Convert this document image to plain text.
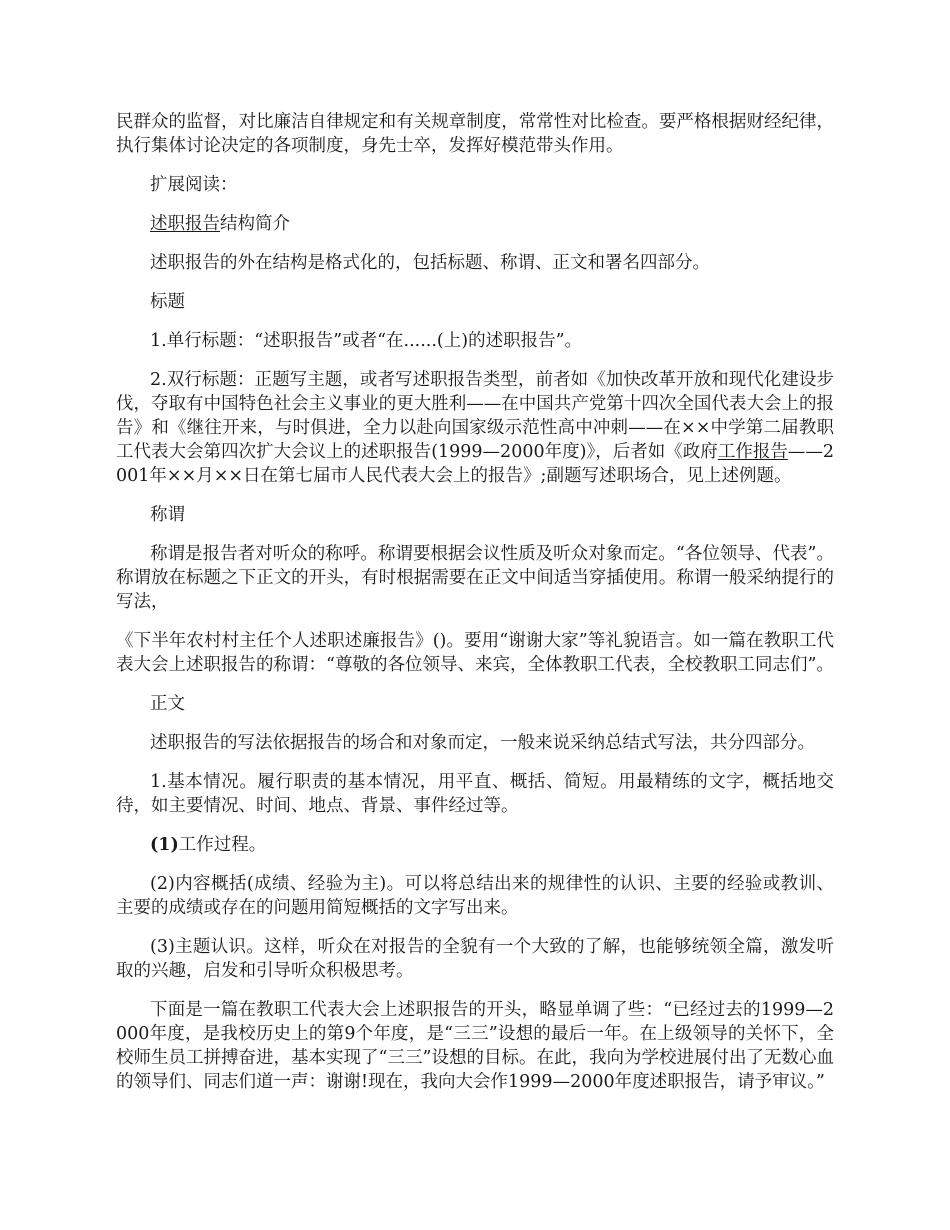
民群众的监督，对比廉洁自律规定和有关规章制度，常常性对比检查。要严格根据财经纪律，执行集体讨论决定的各项制度，身先士卒，发挥好模范带头作用。

扩展阅读：

述职报告结构简介

述职报告的外在结构是格式化的，包括标题、称谓、正文和署名四部分。

标题

1.单行标题：“述职报告”或者“在......(上)的述职报告”。

2.双行标题：正题写主题，或者写述职报告类型，前者如《加快改革开放和现代化建设步伐，夺取有中国特色社会主义事业的更大胜利——在中国共产党第十四次全国代表大会上的报告》和《继往开来，与时俱进，全力以赴向国家级示范性高中冲刺——在××中学第二届教职工代表大会第四次扩大会议上的述职报告(1999—2000年度)》，后者如《政府工作报告——2001年××月××日在第七届市人民代表大会上的报告》;副题写述职场合，见上述例题。

称谓

称谓是报告者对听众的称呼。称谓要根据会议性质及听众对象而定。“各位领导、代表”。称谓放在标题之下正文的开头，有时根据需要在正文中间适当穿插使用。称谓一般采纳提行的写法，

《下半年农村村主任个人述职述廉报告》()。要用“谢谢大家”等礼貌语言。如一篇在教职工代表大会上述职报告的称谓：“尊敬的各位领导、来宾，全体教职工代表，全校教职工同志们”。

正文

述职报告的写法依据报告的场合和对象而定，一般来说采纳总结式写法，共分四部分。

1.基本情况。履行职责的基本情况，用平直、概括、简短。用最精练的文字，概括地交待，如主要情况、时间、地点、背景、事件经过等。

(1)工作过程。

(2)内容概括(成绩、经验为主)。可以将总结出来的规律性的认识、主要的经验或教训、主要的成绩或存在的问题用简短概括的文字写出来。

(3)主题认识。这样，听众在对报告的全貌有一个大致的了解，也能够统领全篇，激发听取的兴趣，启发和引导听众积极思考。

下面是一篇在教职工代表大会上述职报告的开头，略显单调了些：“已经过去的1999—2000年度，是我校历史上的第9个年度，是“三三”设想的最后一年。在上级领导的关怀下，全校师生员工拼搏奋进，基本实现了“三三”设想的目标。在此，我向为学校进展付出了无数心血的领导们、同志们道一声：谢谢!现在，我向大会作1999—2000年度述职报告，请予审议。”
